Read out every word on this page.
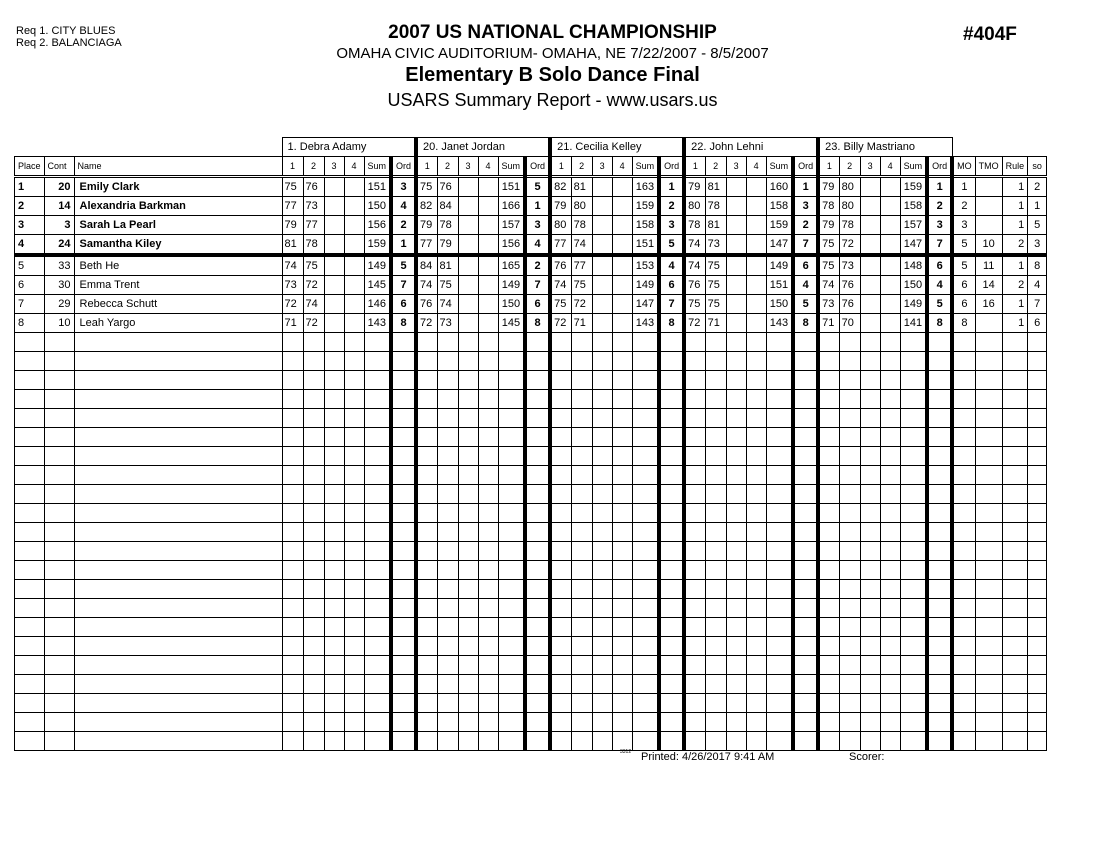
Req 1. CITY BLUES
Req 2. BALANCIAGA	2007 US NATIONAL CHAMPIONSHIP
OMAHA CIVIC AUDITORIUM- OMAHA, NE 7/22/2007 - 8/5/2007
Elementary B Solo Dance Final
USARS Summary Report - www.usars.us
#404F
			1. Debra Adamy						20. Janet Jordan						21. Cecilia Kelley						22. John Lehni						23. Billy Mastriano									
Place	Cont	Name	1	2	3	4	Sum	Ord	1	2	3	4	Sum	Ord	1	2	3	4	Sum	Ord	1	2	3	4	Sum	Ord	1	2	3	4	Sum	Ord	MO	TMO	Rule	so
1	20	Emily Clark	75	76			151	3	75	76			151	5	82	81			163	1	79	81			160	1	79	80			159	1	1		1	2
2	14	Alexandria Barkman	77	73			150	4	82	84			166	1	79	80			159	2	80	78			158	3	78	80			158	2	2		1	1
3	3	Sarah La Pearl	79	77			156	2	79	78			157	3	80	78			158	3	78	81			159	2	79	78			157	3	3		1	5
4	24	Samantha Kiley	81	78			159	1	77	79			156	4	77	74			151	5	74	73			147	7	75	72			147	7	5	10	2	3
5	33	Beth He	74	75			149	5	84	81			165	2	76	77			153	4	74	75			149	6	75	73			148	6	5	11	1	8
6	30	Emma Trent	73	72			145	7	74	75			149	7	74	75			149	6	76	75			151	4	74	76			150	4	6	14	2	4
7	29	Rebecca Schutt	72	74			146	6	76	74			150	6	75	72			147	7	75	75			150	5	73	76			149	5	6	16	1	7
8	10	Leah Yargo	71	72			143	8	72	73			145	8	72	71			143	8	72	71			143	8	71	70			141	8	8		1	6

3312 Printed: 4/26/2017 9:41 AM	Scorer:
